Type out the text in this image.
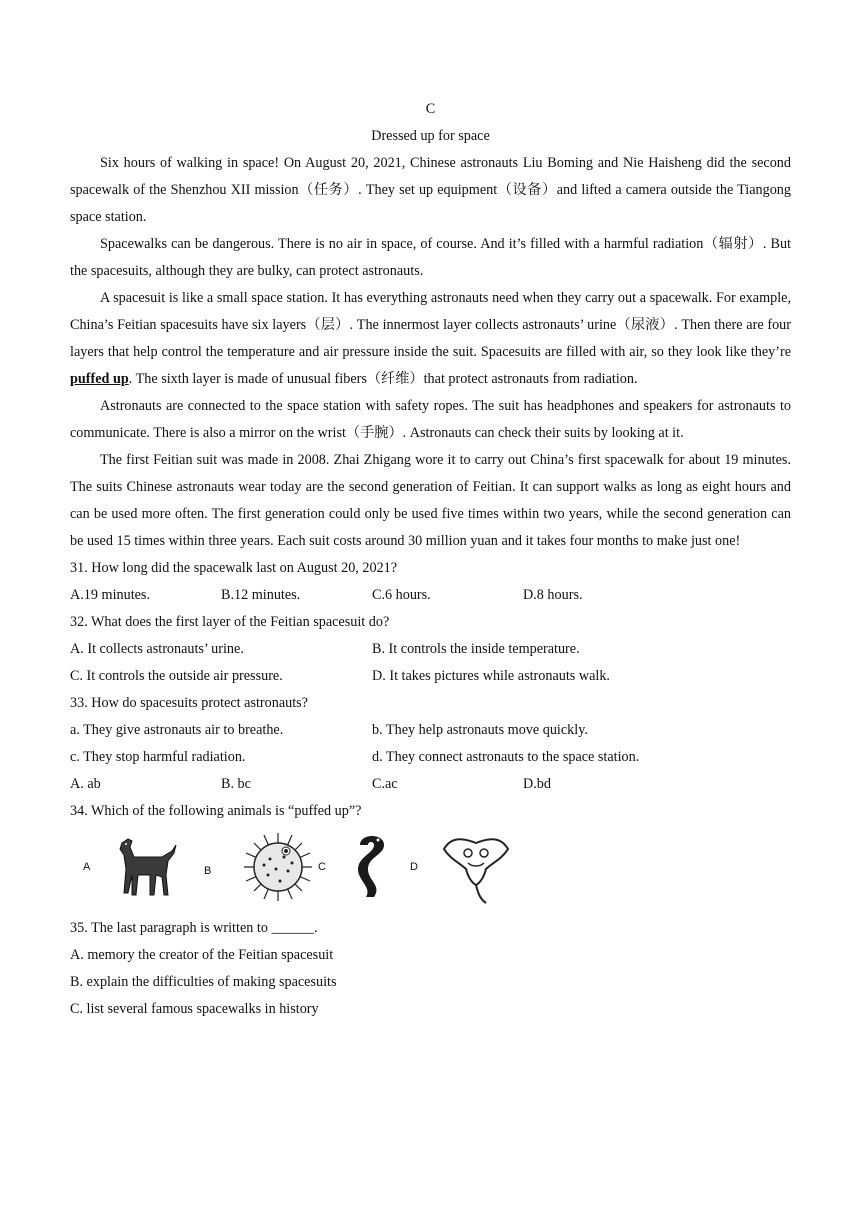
C
Dressed up for space

Six hours of walking in space! On August 20, 2021, Chinese astronauts Liu Boming and Nie Haisheng did the second spacewalk of the Shenzhou XII mission（任务）. They set up equipment（设备）and lifted a camera outside the Tiangong space station.

Spacewalks can be dangerous. There is no air in space, of course. And it’s filled with a harmful radiation（辐射）. But the spacesuits, although they are bulky, can protect astronauts.

A spacesuit is like a small space station. It has everything astronauts need when they carry out a spacewalk. For example, China’s Feitian spacesuits have six layers（层）. The innermost layer collects astronauts’ urine（尿液）. Then there are four layers that help control the temperature and air pressure inside the suit. Spacesuits are filled with air, so they look like they’re puffed up. The sixth layer is made of unusual fibers（纤维）that protect astronauts from radiation.

Astronauts are connected to the space station with safety ropes. The suit has headphones and speakers for astronauts to communicate. There is also a mirror on the wrist（手腕）. Astronauts can check their suits by looking at it.

The first Feitian suit was made in 2008. Zhai Zhigang wore it to carry out China’s first spacewalk for about 19 minutes. The suits Chinese astronauts wear today are the second generation of Feitian. It can support walks as long as eight hours and can be used more often. The first generation could only be used five times within two years, while the second generation can be used 15 times within three years. Each suit costs around 30 million yuan and it takes four months to make just one!

31. How long did the spacewalk last on August 20, 2021?
A.19 minutes.	B.12 minutes.	C.6 hours.	D.8 hours.
32. What does the first layer of the Feitian spacesuit do?
A. It collects astronauts’ urine.	B. It controls the inside temperature.
C. It controls the outside air pressure.	D. It takes pictures while astronauts walk.
33. How do spacesuits protect astronauts?
a. They give astronauts air to breathe.	b. They help astronauts move quickly.
c. They stop harmful radiation.	d. They connect astronauts to the space station.
A. ab	B. bc	C.ac	D.bd
34. Which of the following animals is “puffed up”?
A	B	C	D
35. The last paragraph is written to ______.
A. memory the creator of the Feitian spacesuit
B. explain the difficulties of making spacesuits
C. list several famous spacewalks in history
